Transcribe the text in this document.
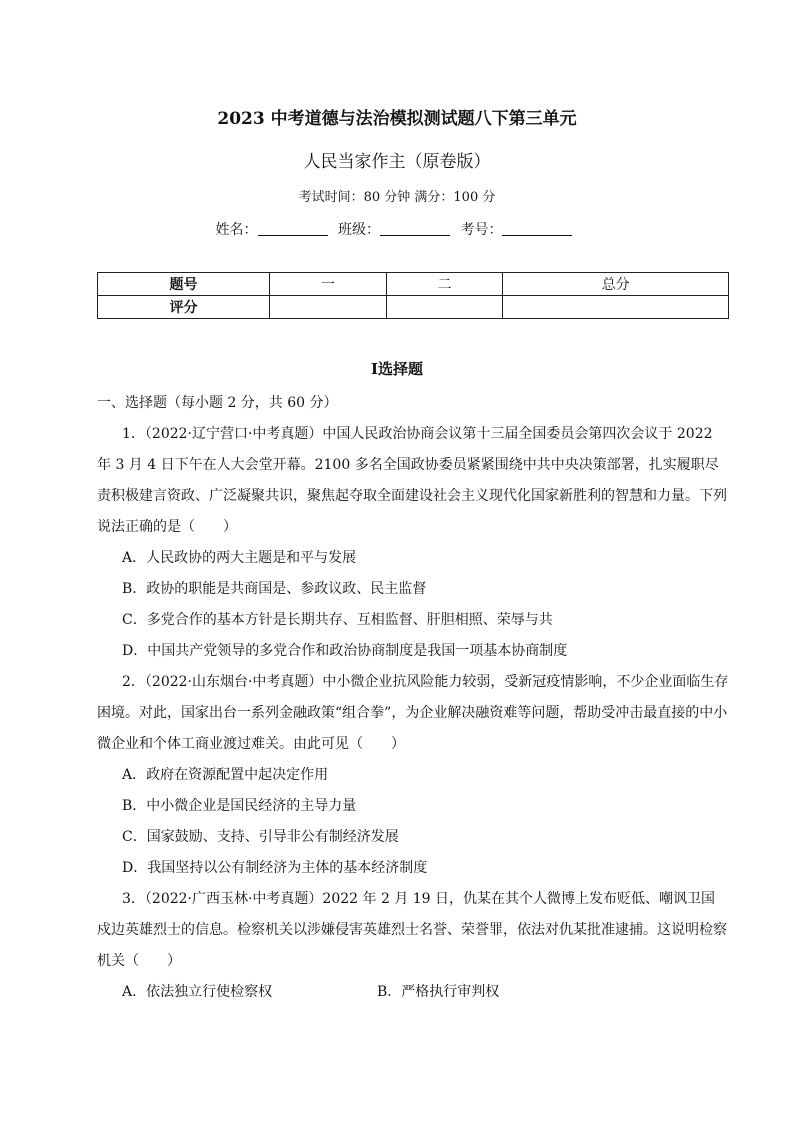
2023 中考道德与法治模拟测试题八下第三单元
人民当家作主（原卷版）
考试时间：80 分钟 满分：100 分
姓名：	班级：	考号：
题号	一	二	总分
评分			
Ⅰ选择题

一、选择题（每小题 2 分，共 60 分）

1．（2022·辽宁营口·中考真题）中国人民政治协商会议第十三届全国委员会第四次会议于 2022 年 3 月 4 日下午在人大会堂开幕。2100 多名全国政协委员紧紧围绕中共中央决策部署，扎实履职尽责积极建言资政、广泛凝聚共识，聚焦起夺取全面建设社会主义现代化国家新胜利的智慧和力量。下列说法正确的是（　　）

A．人民政协的两大主题是和平与发展

B．政协的职能是共商国是、参政议政、民主监督

C．多党合作的基本方针是长期共存、互相监督、肝胆相照、荣辱与共

D．中国共产党领导的多党合作和政治协商制度是我国一项基本协商制度

2．（2022·山东烟台·中考真题）中小微企业抗风险能力较弱，受新冠疫情影响，不少企业面临生存困境。对此，国家出台一系列金融政策“组合拳”，为企业解决融资难等问题，帮助受冲击最直接的中小微企业和个体工商业渡过难关。由此可见（　　）

A．政府在资源配置中起决定作用

B．中小微企业是国民经济的主导力量

C．国家鼓励、支持、引导非公有制经济发展

D．我国坚持以公有制经济为主体的基本经济制度

3．（2022·广西玉林·中考真题）2022 年 2 月 19 日，仇某在其个人微博上发布贬低、嘲讽卫国戍边英雄烈士的信息。检察机关以涉嫌侵害英雄烈士名誉、荣誉罪，依法对仇某批准逮捕。这说明检察机关（　　）

A．依法独立行使检察权	B．严格执行审判权
